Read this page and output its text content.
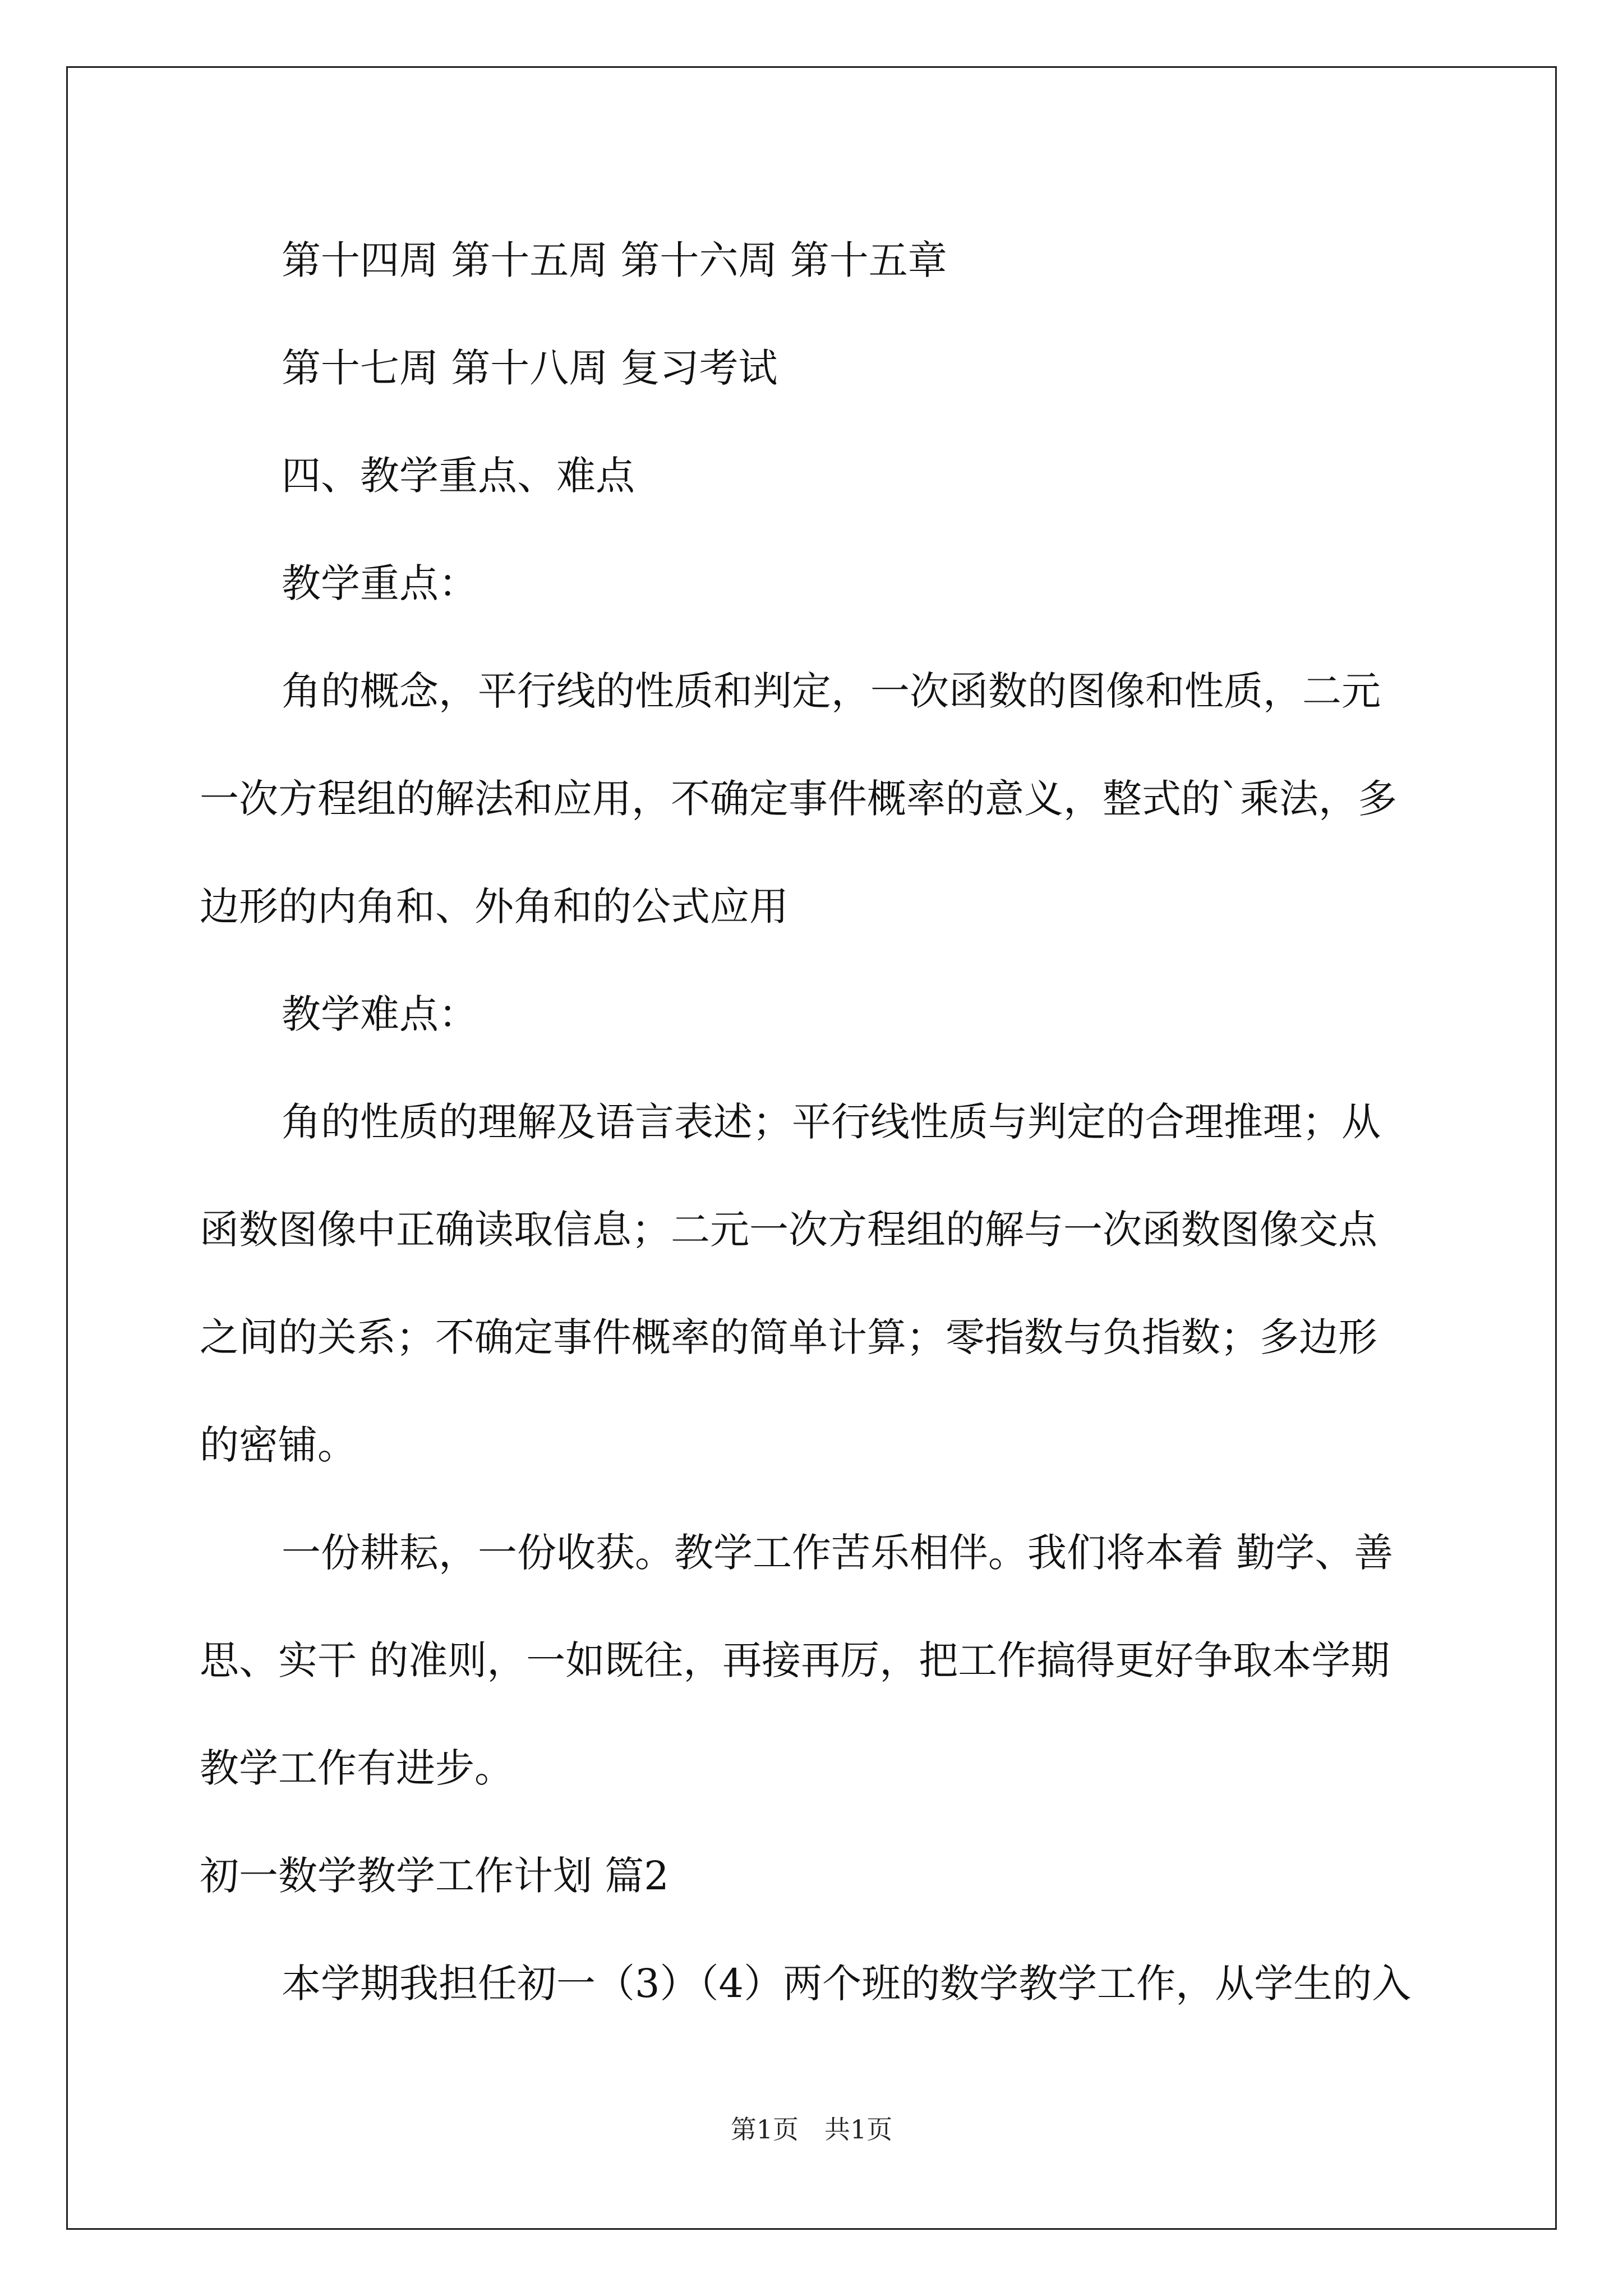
第十四周 第十五周 第十六周 第十五章

第十七周 第十八周 复习考试

四、教学重点、难点

教学重点：

角的概念，平行线的性质和判定，一次函数的图像和性质，二元

一次方程组的解法和应用，不确定事件概率的意义，整式的`乘法，多

边形的内角和、外角和的公式应用

教学难点：

角的性质的理解及语言表述；平行线性质与判定的合理推理；从

函数图像中正确读取信息；二元一次方程组的解与一次函数图像交点

之间的关系；不确定事件概率的简单计算；零指数与负指数；多边形

的密铺。

一份耕耘，一份收获。教学工作苦乐相伴。我们将本着 勤学、善

思、实干 的准则，一如既往，再接再厉，把工作搞得更好争取本学期

教学工作有进步。

初一数学教学工作计划 篇2

本学期我担任初一（3）（4）两个班的数学教学工作，从学生的入

第1页　共1页
